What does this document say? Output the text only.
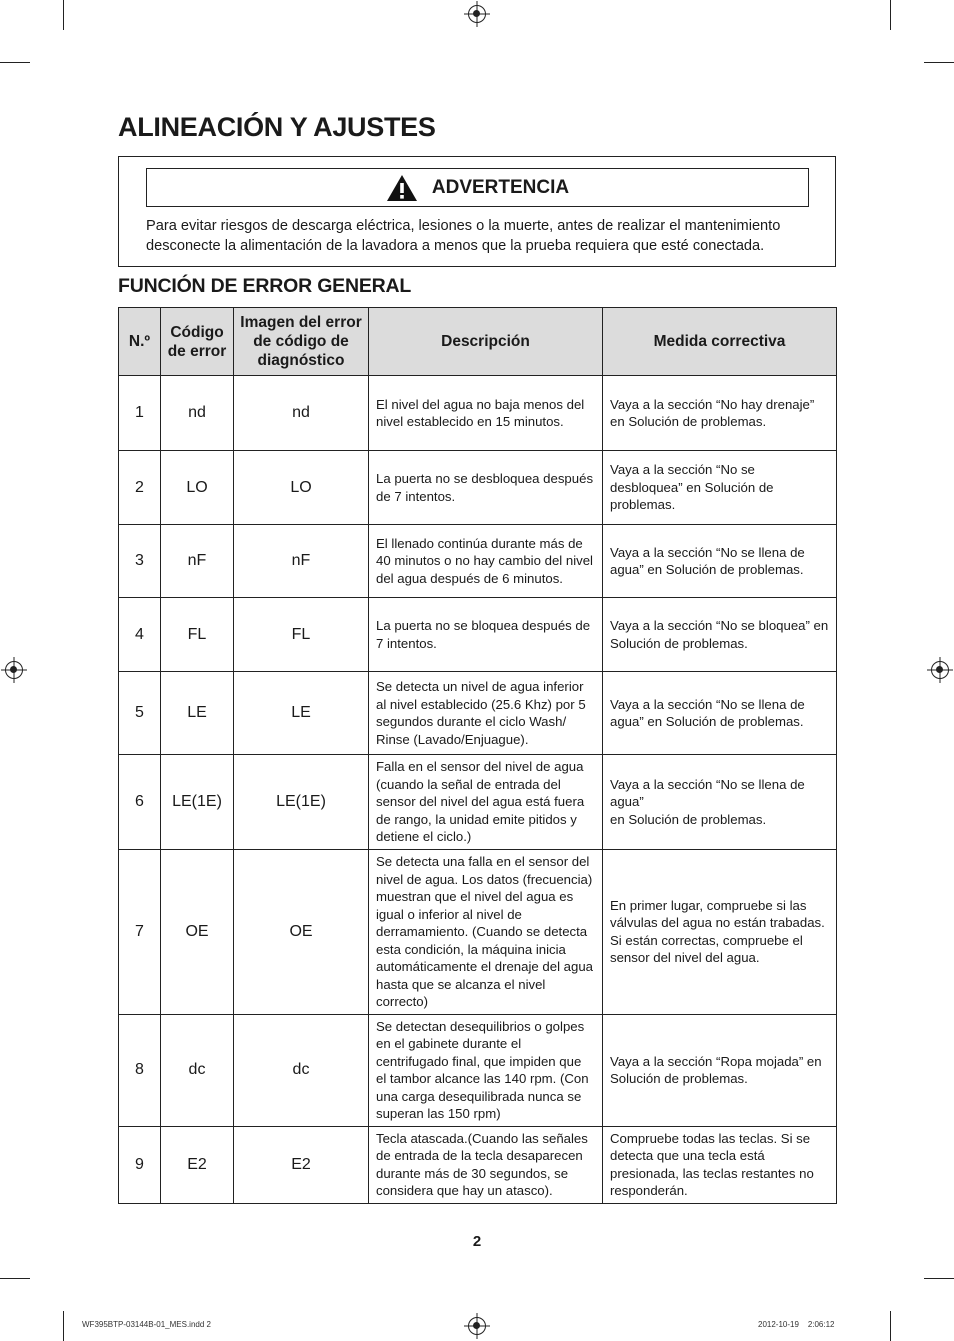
ALINEACIÓN Y AJUSTES
ADVERTENCIA
Para evitar riesgos de descarga eléctrica, lesiones o la muerte, antes de realizar el mantenimiento desconecte la alimentación de la lavadora a menos que la prueba requiera que esté conectada.
FUNCIÓN DE ERROR GENERAL
N.º	Código de error	Imagen del error de código de diagnóstico	Descripción	Medida correctiva
1	nd	nd	El nivel del agua no baja menos del nivel establecido en 15 minutos.	Vaya a la sección “No hay drenaje” en Solución de problemas.
2	LO	LO	La puerta no se desbloquea después de 7 intentos.	Vaya a la sección “No se desbloquea” en Solución de problemas.
3	nF	nF	El llenado continúa durante más de 40 minutos o no hay cambio del nivel del agua después de 6 minutos.	Vaya a la sección “No se llena de agua” en Solución de problemas.
4	FL	FL	La puerta no se bloquea después de 7 intentos.	Vaya a la sección “No se bloquea” en Solución de problemas.
5	LE	LE	Se detecta un nivel de agua inferior al nivel establecido (25.6 Khz) por 5 segundos durante el ciclo Wash/ Rinse (Lavado/Enjuague).	Vaya a la sección “No se llena de agua” en Solución de problemas.
6	LE(1E)	LE(1E)	Falla en el sensor del nivel de agua (cuando la señal de entrada del sensor del nivel del agua está fuera de rango, la unidad emite pitidos y detiene el ciclo.)	Vaya a la sección “No se llena de agua”
en Solución de problemas.
7	OE	OE	Se detecta una falla en el sensor del nivel de agua. Los datos (frecuencia) muestran que el nivel del agua es igual o inferior al nivel de derramamiento. (Cuando se detecta esta condición, la máquina inicia automáticamente el drenaje del agua hasta que se alcanza el nivel correcto)	En primer lugar, compruebe si las válvulas del agua no están trabadas. Si están correctas, compruebe el sensor del nivel del agua.
8	dc	dc	Se detectan desequilibrios o golpes en el gabinete durante el centrifugado final, que impiden que el tambor alcance las 140 rpm. (Con una carga desequilibrada nunca se superan las 150 rpm)	Vaya a la sección “Ropa mojada” en Solución de problemas.
9	E2	E2	Tecla atascada.(Cuando las señales de entrada de la tecla desaparecen durante más de 30 segundos, se considera que hay un atasco).	Compruebe todas las teclas. Si se detecta que una tecla está presionada, las teclas restantes no responderán.
2
WF395BTP-03144B-01_MES.indd 2	2012-10-19    2:06:12
